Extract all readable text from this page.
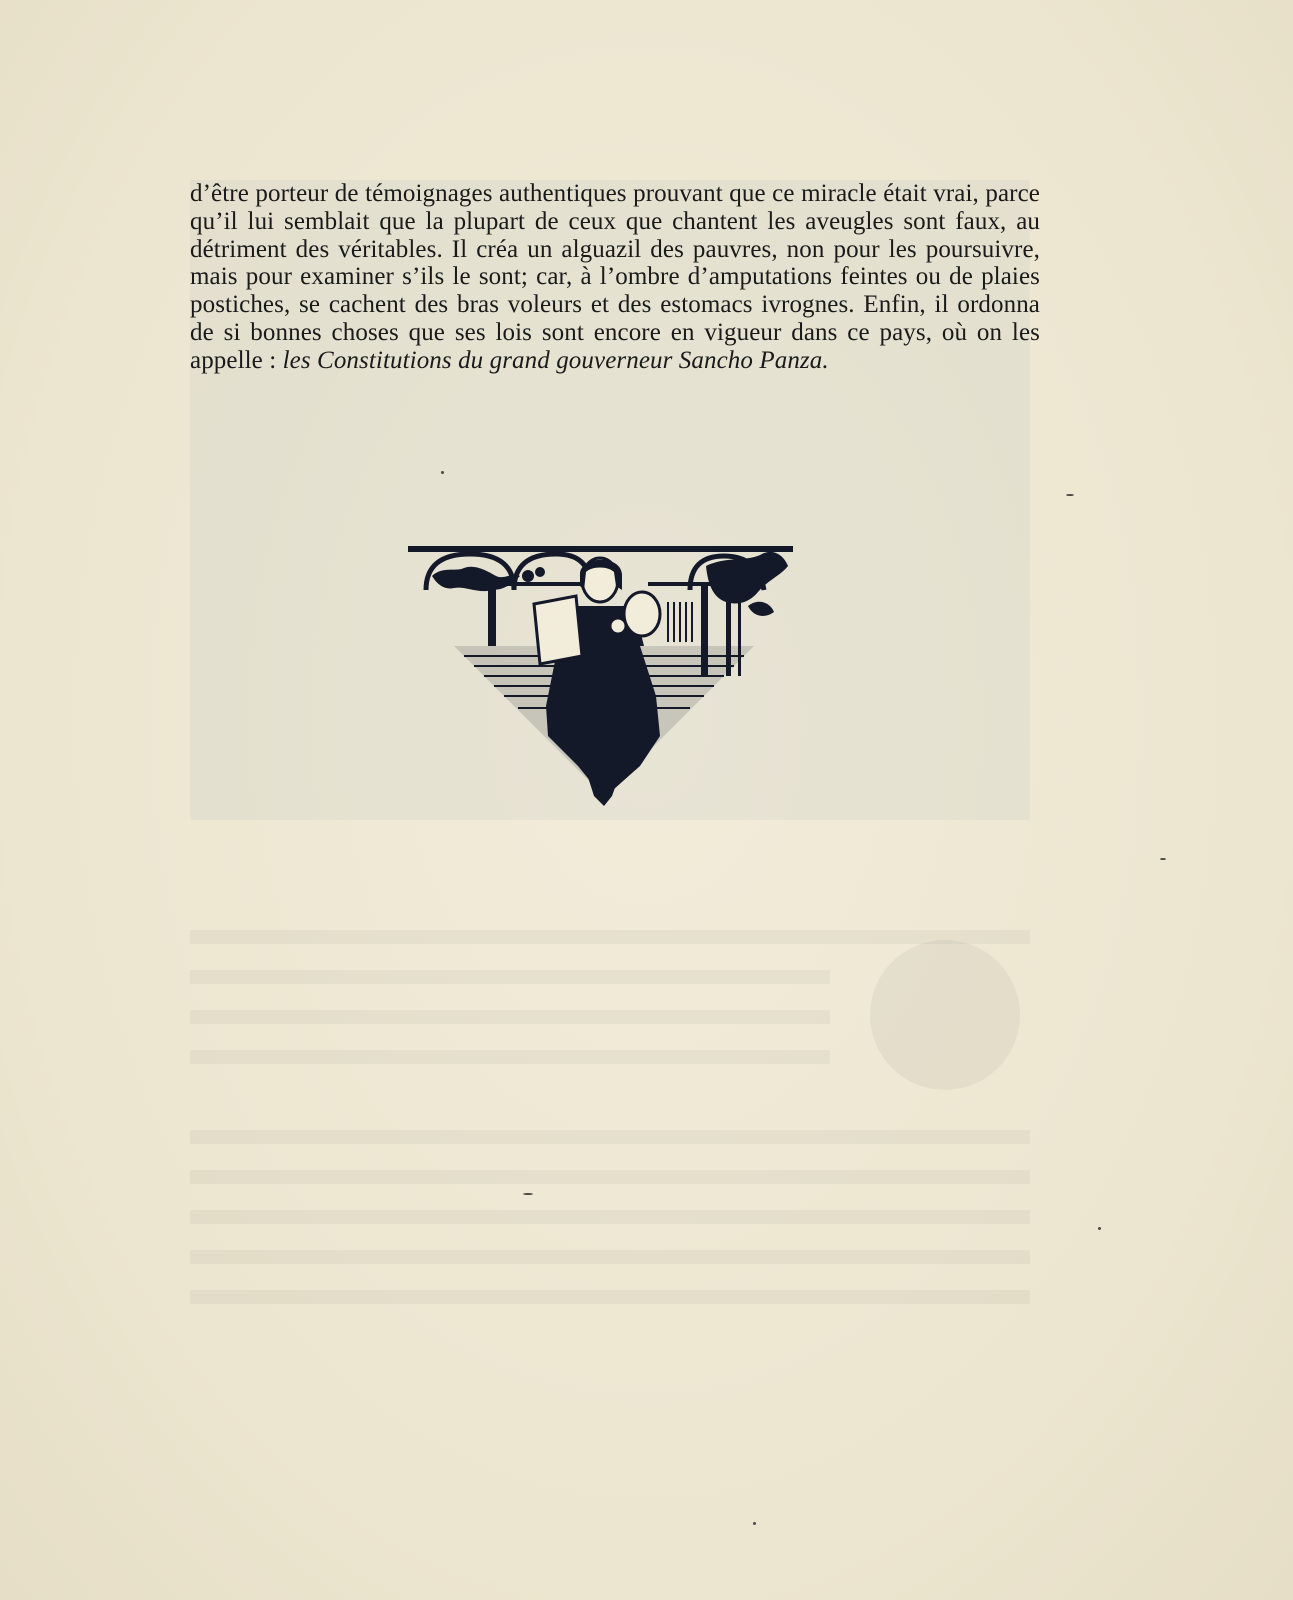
d’être porteur de témoignages authentiques prouvant que ce miracle était vrai, parce qu’il lui semblait que la plupart de ceux que chantent les aveugles sont faux, au détriment des véritables. Il créa un alguazil des pauvres, non pour les poursuivre, mais pour examiner s’ils le sont; car, à l’ombre d’amputations feintes ou de plaies postiches, se cachent des bras voleurs et des estomacs ivrognes. Enfin, il ordonna de si bonnes choses que ses lois sont encore en vigueur dans ce pays, où on les appelle : les Constitutions du grand gouverneur Sancho Panza.
